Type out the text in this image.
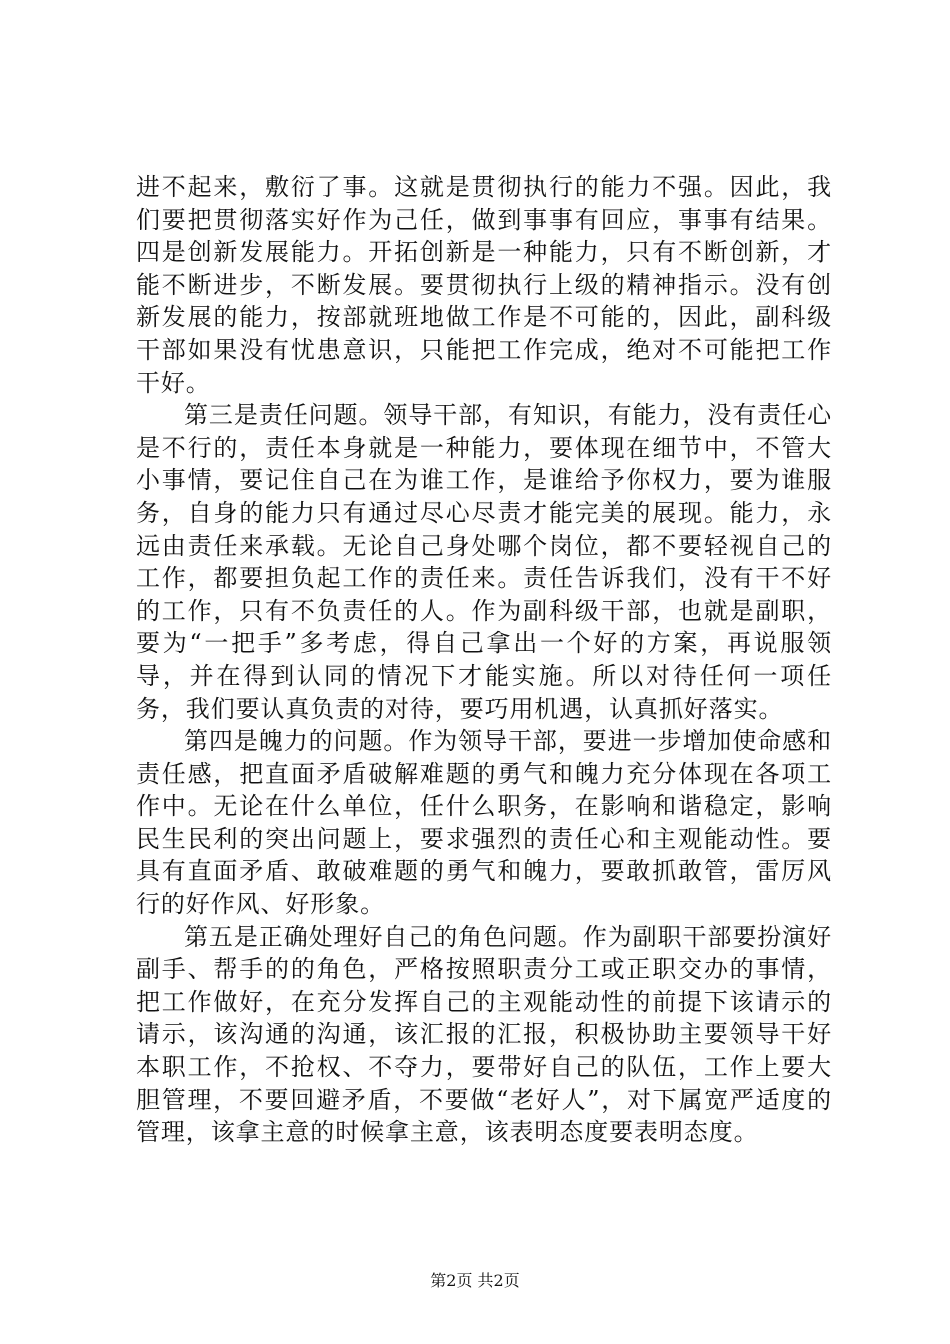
进不起来，敷衍了事。这就是贯彻执行的能力不强。因此，我们要把贯彻落实好作为己任，做到事事有回应，事事有结果。四是创新发展能力。开拓创新是一种能力，只有不断创新，才能不断进步，不断发展。要贯彻执行上级的精神指示。没有创新发展的能力，按部就班地做工作是不可能的，因此，副科级干部如果没有忧患意识，只能把工作完成，绝对不可能把工作干好。

第三是责任问题。领导干部，有知识，有能力，没有责任心是不行的，责任本身就是一种能力，要体现在细节中，不管大小事情，要记住自己在为谁工作，是谁给予你权力，要为谁服务，自身的能力只有通过尽心尽责才能完美的展现。能力，永远由责任来承载。无论自己身处哪个岗位，都不要轻视自己的工作，都要担负起工作的责任来。责任告诉我们，没有干不好的工作，只有不负责任的人。作为副科级干部，也就是副职，要为“一把手”多考虑，得自己拿出一个好的方案，再说服领导，并在得到认同的情况下才能实施。所以对待任何一项任务，我们要认真负责的对待，要巧用机遇，认真抓好落实。

第四是魄力的问题。作为领导干部，要进一步增加使命感和责任感，把直面矛盾破解难题的勇气和魄力充分体现在各项工作中。无论在什么单位，任什么职务，在影响和谐稳定，影响民生民利的突出问题上，要求强烈的责任心和主观能动性。要具有直面矛盾、敢破难题的勇气和魄力，要敢抓敢管，雷厉风行的好作风、好形象。

第五是正确处理好自己的角色问题。作为副职干部要扮演好副手、帮手的的角色，严格按照职责分工或正职交办的事情，把工作做好，在充分发挥自己的主观能动性的前提下该请示的请示，该沟通的沟通，该汇报的汇报，积极协助主要领导干好本职工作，不抢权、不夺力，要带好自己的队伍，工作上要大胆管理，不要回避矛盾，不要做“老好人”，对下属宽严适度的管理，该拿主意的时候拿主意，该表明态度要表明态度。

第2页 共2页
